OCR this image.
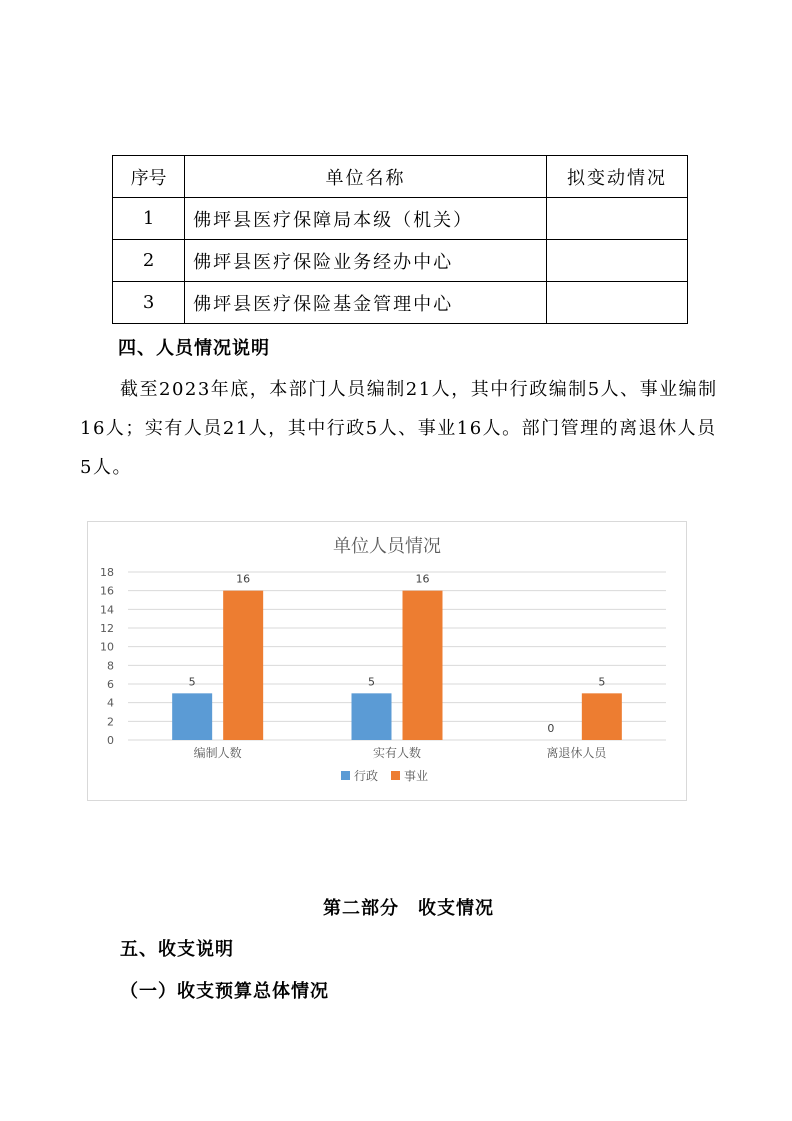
序号	单位名称	拟变动情况
1	佛坪县医疗保障局本级（机关）	
2	佛坪县医疗保险业务经办中心	
3	佛坪县医疗保险基金管理中心	
四、人员情况说明

截至2023年底，本部门人员编制21人，其中行政编制5人、事业编制16人；实有人员21人，其中行政5人、事业16人。部门管理的离退休人员5人。

单位人员情况
0
2
4
6
8
10
12
14
16
18
5
16
编制人数
5
16
实有人数
0
5
离退休人员
行政 事业
第二部分　收支情况
五、收支说明
（一）收支预算总体情况
